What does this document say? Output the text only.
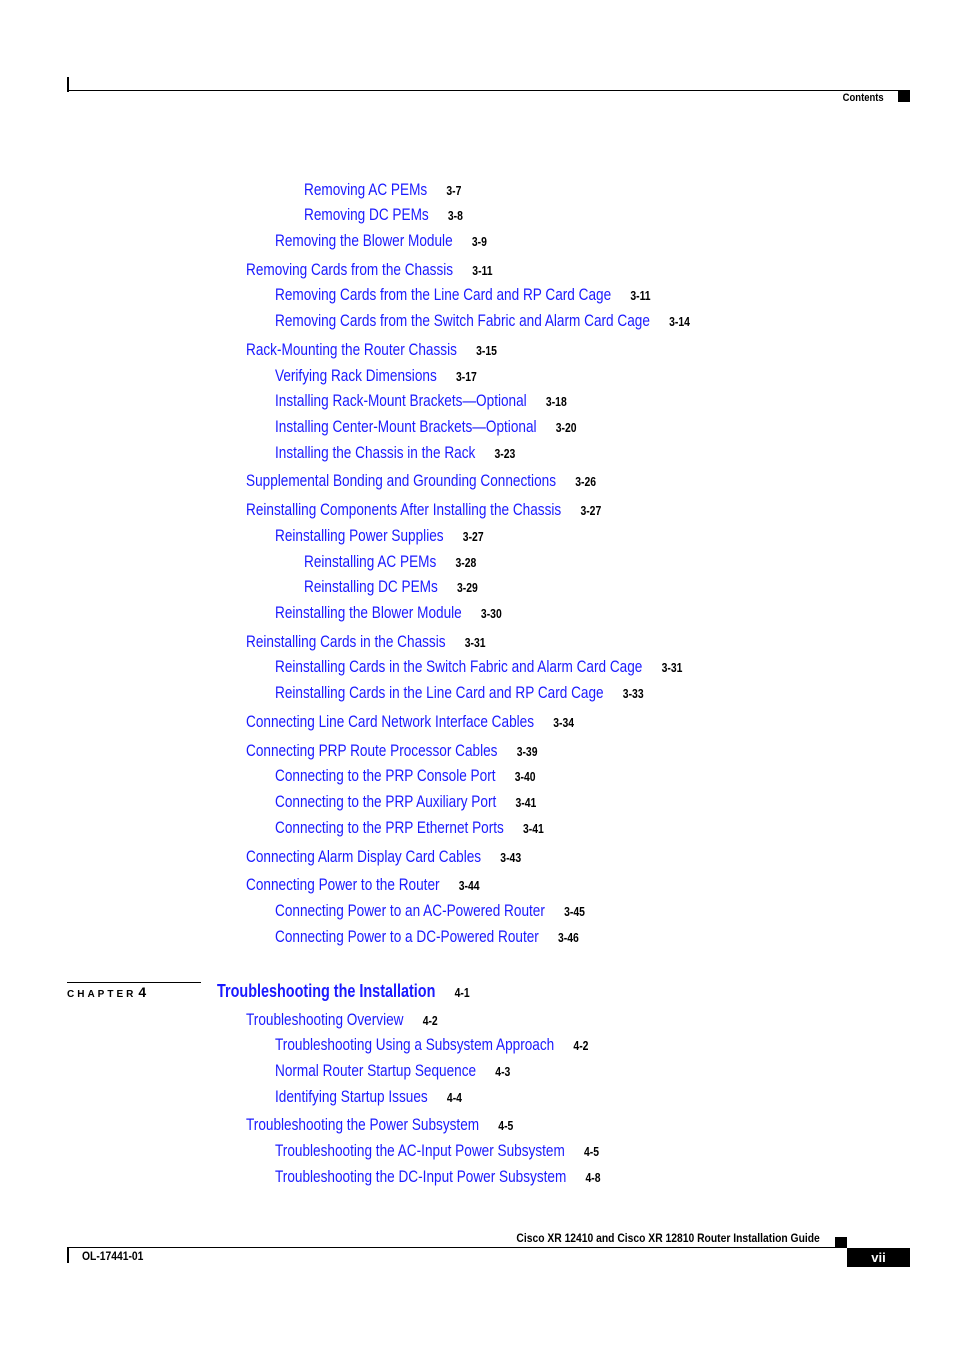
Contents
Removing AC PEMs 3-7
Removing DC PEMs 3-8
Removing the Blower Module 3-9
Removing Cards from the Chassis 3-11
Removing Cards from the Line Card and RP Card Cage 3-11
Removing Cards from the Switch Fabric and Alarm Card Cage 3-14
Rack-Mounting the Router Chassis 3-15
Verifying Rack Dimensions 3-17
Installing Rack-Mount Brackets—Optional 3-18
Installing Center-Mount Brackets—Optional 3-20
Installing the Chassis in the Rack 3-23
Supplemental Bonding and Grounding Connections 3-26
Reinstalling Components After Installing the Chassis 3-27
Reinstalling Power Supplies 3-27
Reinstalling AC PEMs 3-28
Reinstalling DC PEMs 3-29
Reinstalling the Blower Module 3-30
Reinstalling Cards in the Chassis 3-31
Reinstalling Cards in the Switch Fabric and Alarm Card Cage 3-31
Reinstalling Cards in the Line Card and RP Card Cage 3-33
Connecting Line Card Network Interface Cables 3-34
Connecting PRP Route Processor Cables 3-39
Connecting to the PRP Console Port 3-40
Connecting to the PRP Auxiliary Port 3-41
Connecting to the PRP Ethernet Ports 3-41
Connecting Alarm Display Card Cables 3-43
Connecting Power to the Router 3-44
Connecting Power to an AC-Powered Router 3-45
Connecting Power to a DC-Powered Router 3-46
CHAPTER 4	Troubleshooting the Installation 4-1
Troubleshooting Overview 4-2
Troubleshooting Using a Subsystem Approach 4-2
Normal Router Startup Sequence 4-3
Identifying Startup Issues 4-4
Troubleshooting the Power Subsystem 4-5
Troubleshooting the AC-Input Power Subsystem 4-5
Troubleshooting the DC-Input Power Subsystem 4-8
Cisco XR 12410 and Cisco XR 12810 Router Installation Guide
OL-17441-01	vii
